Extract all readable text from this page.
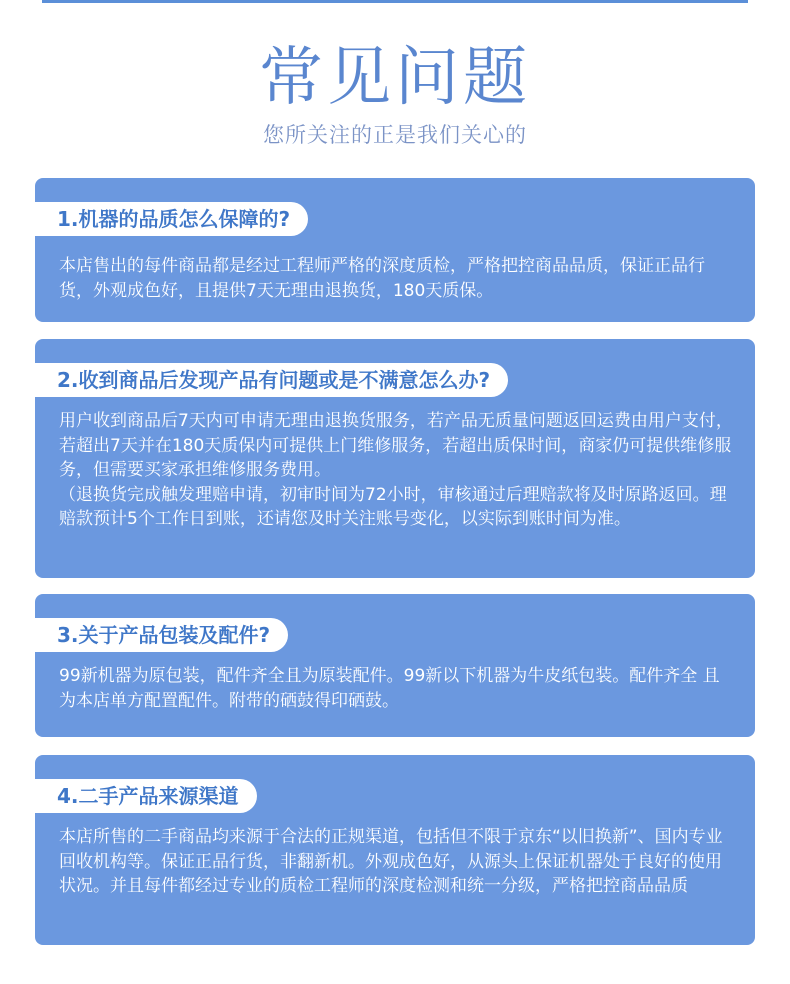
常见问题
您所关注的正是我们关心的
1.机器的品质怎么保障的?

本店售出的每件商品都是经过工程师严格的深度质检，严格把控商品品质，保证正品行货，外观成色好，且提供7天无理由退换货，180天质保。

2.收到商品后发现产品有问题或是不满意怎么办?

用户收到商品后7天内可申请无理由退换货服务，若产品无质量问题返回运费由用户支付，若超出7天并在180天质保内可提供上门维修服务，若超出质保时间，商家仍可提供维修服务，但需要买家承担维修服务费用。

（退换货完成触发理赔申请，初审时间为72小时，审核通过后理赔款将及时原路返回。理赔款预计5个工作日到账，还请您及时关注账号变化，以实际到账时间为准。

3.关于产品包装及配件?

99新机器为原包装，配件齐全且为原装配件。99新以下机器为牛皮纸包装。配件齐全 且为本店单方配置配件。附带的硒鼓得印硒鼓。

4.二手产品来源渠道

本店所售的二手商品均来源于合法的正规渠道，包括但不限于京东“以旧换新”、国内专业回收机构等。保证正品行货，非翻新机。外观成色好，从源头上保证机器处于良好的使用状况。并且每件都经过专业的质检工程师的深度检测和统一分级，严格把控商品品质
